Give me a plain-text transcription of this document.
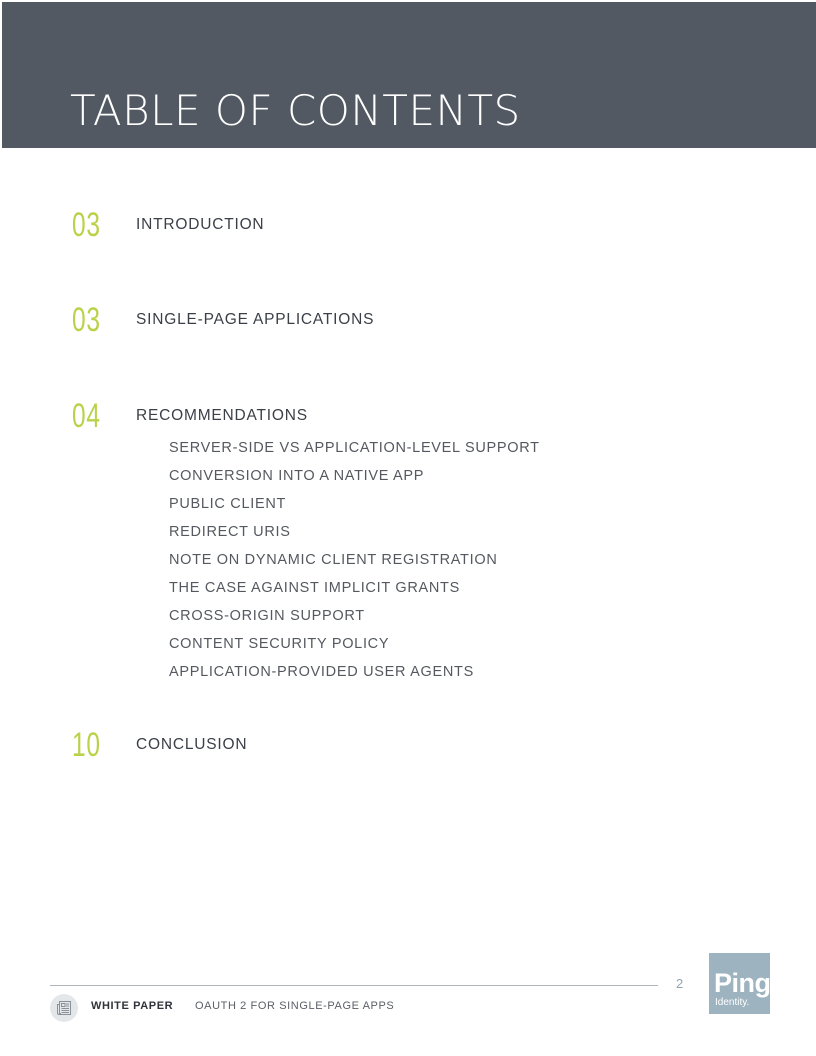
TABLE OF CONTENTS
03 INTRODUCTION
03 SINGLE-PAGE APPLICATIONS
04 RECOMMENDATIONS
SERVER-SIDE VS APPLICATION-LEVEL SUPPORT
CONVERSION INTO A NATIVE APP
PUBLIC CLIENT
REDIRECT URIS
NOTE ON DYNAMIC CLIENT REGISTRATION
THE CASE AGAINST IMPLICIT GRANTS
CROSS-ORIGIN SUPPORT
CONTENT SECURITY POLICY
APPLICATION-PROVIDED USER AGENTS
10 CONCLUSION
2 Ping
Identity.
WHITE PAPER OAUTH 2 FOR SINGLE-PAGE APPS
